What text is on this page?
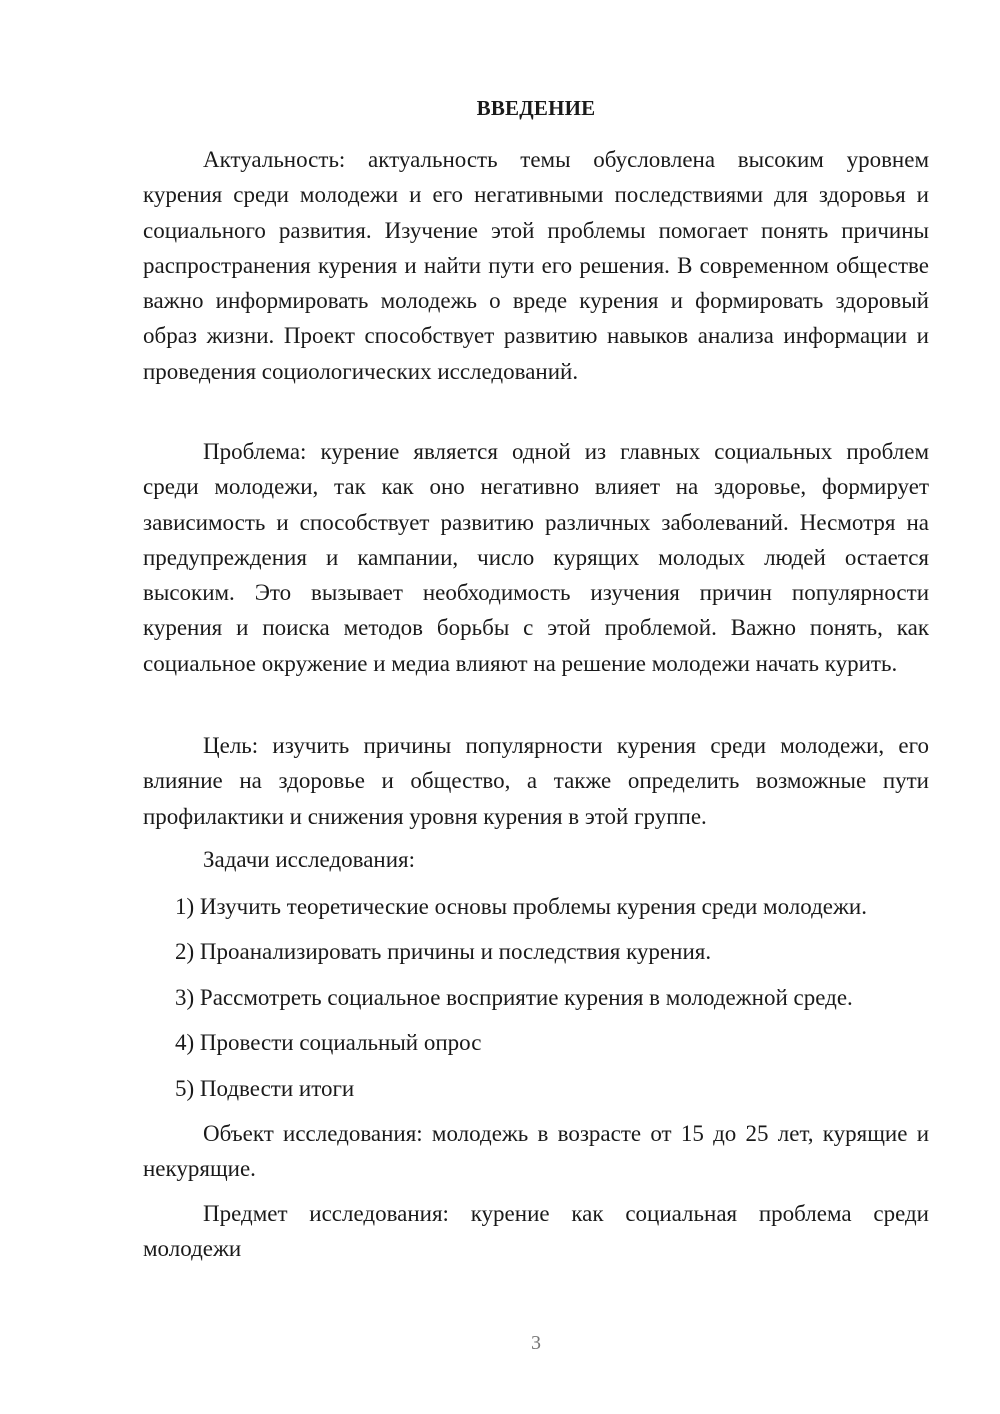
ВВЕДЕНИЕ
Актуальность: актуальность темы обусловлена высоким уровнем курения среди молодежи и его негативными последствиями для здоровья и социального развития. Изучение этой проблемы помогает понять причины распространения курения и найти пути его решения. В современном обществе важно информировать молодежь о вреде курения и формировать здоровый образ жизни. Проект способствует развитию навыков анализа информации и проведения социологических исследований.
Проблема: курение является одной из главных социальных проблем среди молодежи, так как оно негативно влияет на здоровье, формирует зависимость и способствует развитию различных заболеваний. Несмотря на предупреждения и кампании, число курящих молодых людей остается высоким. Это вызывает необходимость изучения причин популярности курения и поиска методов борьбы с этой проблемой. Важно понять, как социальное окружение и медиа влияют на решение молодежи начать курить.
Цель: изучить причины популярности курения среди молодежи, его влияние на здоровье и общество, а также определить возможные пути профилактики и снижения уровня курения в этой группе.
Задачи исследования:
1) Изучить теоретические основы проблемы курения среди молодежи.
2) Проанализировать причины и последствия курения.
3) Рассмотреть социальное восприятие курения в молодежной среде.
4) Провести социальный опрос
5) Подвести итоги
Объект исследования: молодежь в возрасте от 15 до 25 лет, курящие и некурящие.
Предмет исследования: курение как социальная проблема среди молодежи
3
